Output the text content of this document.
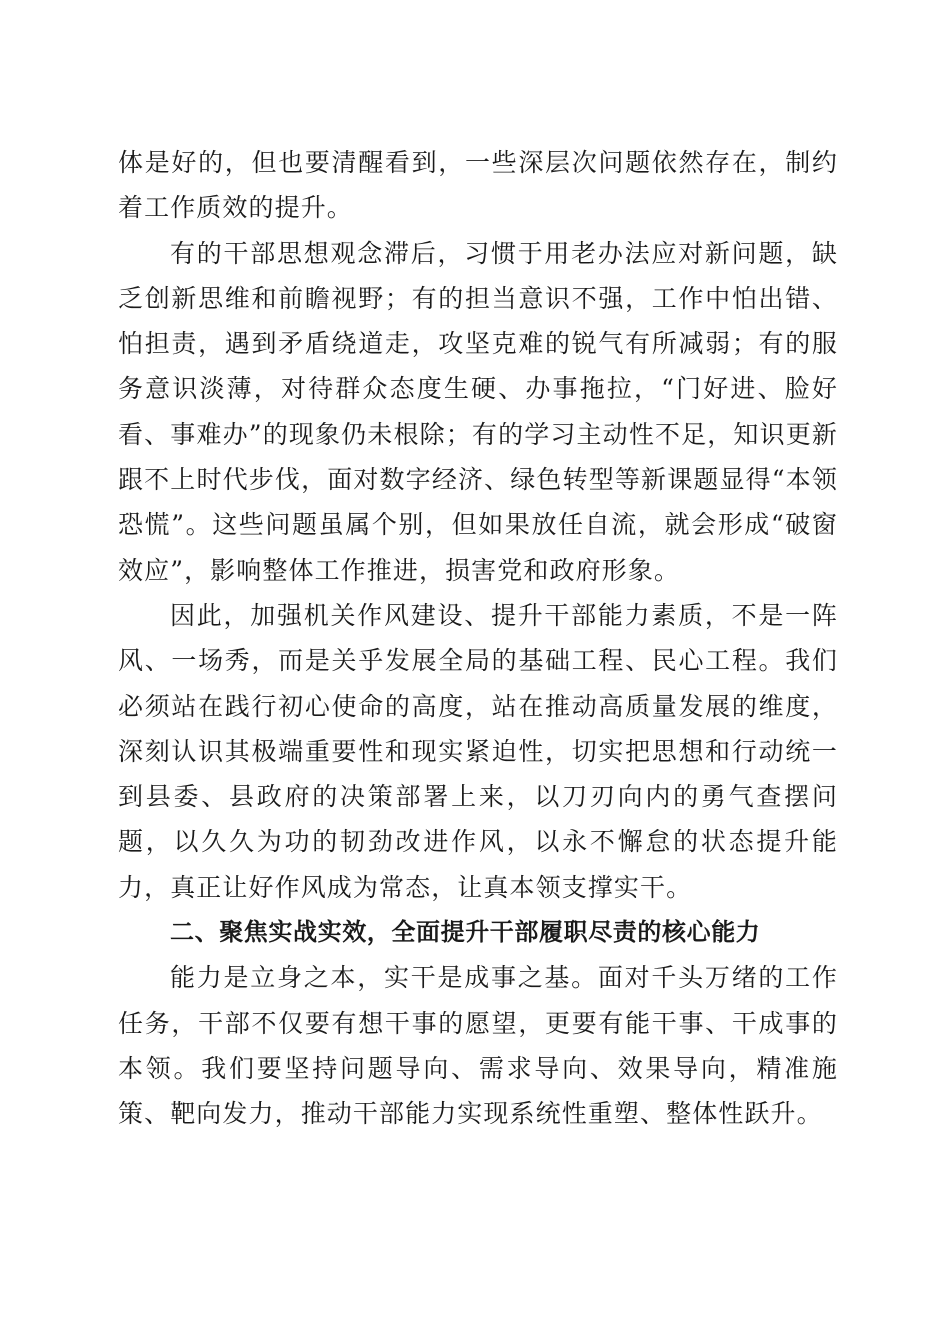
体是好的，但也要清醒看到，一些深层次问题依然存在，制约着工作质效的提升。

有的干部思想观念滞后，习惯于用老办法应对新问题，缺乏创新思维和前瞻视野；有的担当意识不强，工作中怕出错、怕担责，遇到矛盾绕道走，攻坚克难的锐气有所减弱；有的服务意识淡薄，对待群众态度生硬、办事拖拉，“门好进、脸好看、事难办”的现象仍未根除；有的学习主动性不足，知识更新跟不上时代步伐，面对数字经济、绿色转型等新课题显得“本领恐慌”。这些问题虽属个别，但如果放任自流，就会形成“破窗效应”，影响整体工作推进，损害党和政府形象。

因此，加强机关作风建设、提升干部能力素质，不是一阵风、一场秀，而是关乎发展全局的基础工程、民心工程。我们必须站在践行初心使命的高度，站在推动高质量发展的维度，深刻认识其极端重要性和现实紧迫性，切实把思想和行动统一到县委、县政府的决策部署上来，以刀刃向内的勇气查摆问题，以久久为功的韧劲改进作风，以永不懈怠的状态提升能力，真正让好作风成为常态，让真本领支撑实干。

二、聚焦实战实效，全面提升干部履职尽责的核心能力

能力是立身之本，实干是成事之基。面对千头万绪的工作任务，干部不仅要有想干事的愿望，更要有能干事、干成事的本领。我们要坚持问题导向、需求导向、效果导向，精准施策、靶向发力，推动干部能力实现系统性重塑、整体性跃升。
